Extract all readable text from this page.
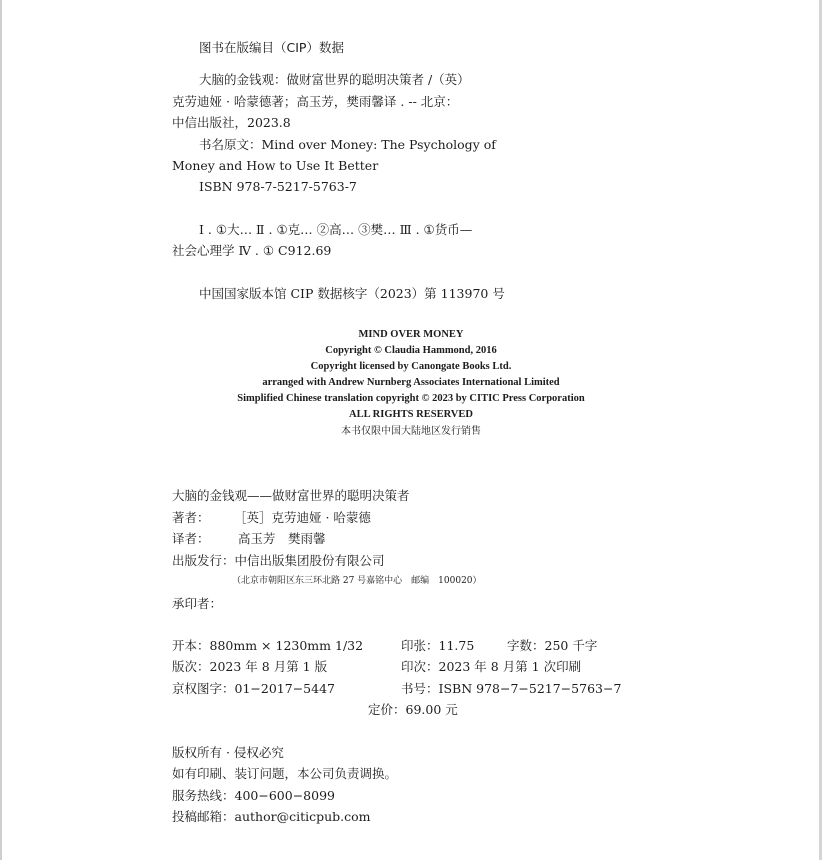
图书在版编目（CIP）数据
大脑的金钱观：做财富世界的聪明决策者 /（英）
克劳迪娅 · 哈蒙德著；高玉芳，樊雨馨译 . -- 北京：
中信出版社，2023.8
书名原文：Mind over Money: The Psychology of
Money and How to Use It Better
ISBN 978-7-5217-5763-7
Ⅰ . ①大… Ⅱ . ①克… ②高… ③樊… Ⅲ . ①货币—
社会心理学 Ⅳ . ① C912.69
中国国家版本馆 CIP 数据核字（2023）第 113970 号
MIND OVER MONEY
Copyright © Claudia Hammond, 2016
Copyright licensed by Canongate Books Ltd.
arranged with Andrew Nurnberg Associates International Limited
Simplified Chinese translation copyright © 2023 by CITIC Press Corporation
ALL RIGHTS RESERVED
本书仅限中国大陆地区发行销售
大脑的金钱观——做财富世界的聪明决策者
著者： ［英］克劳迪娅 · 哈蒙德
译者： 高玉芳　樊雨馨
出版发行：中信出版集团股份有限公司
（北京市朝阳区东三环北路 27 号嘉铭中心　邮编　100020）
承印者：
开本：880mm × 1230mm 1/32	印张：11.75	字数：250 千字
版次：2023 年 8 月第 1 版	印次：2023 年 8 月第 1 次印刷
京权图字：01−2017−5447	书号：ISBN 978−7−5217−5763−7
定价：69.00 元
版权所有 · 侵权必究
如有印刷、装订问题，本公司负责调换。
服务热线：400−600−8099
投稿邮箱：author@citicpub.com
